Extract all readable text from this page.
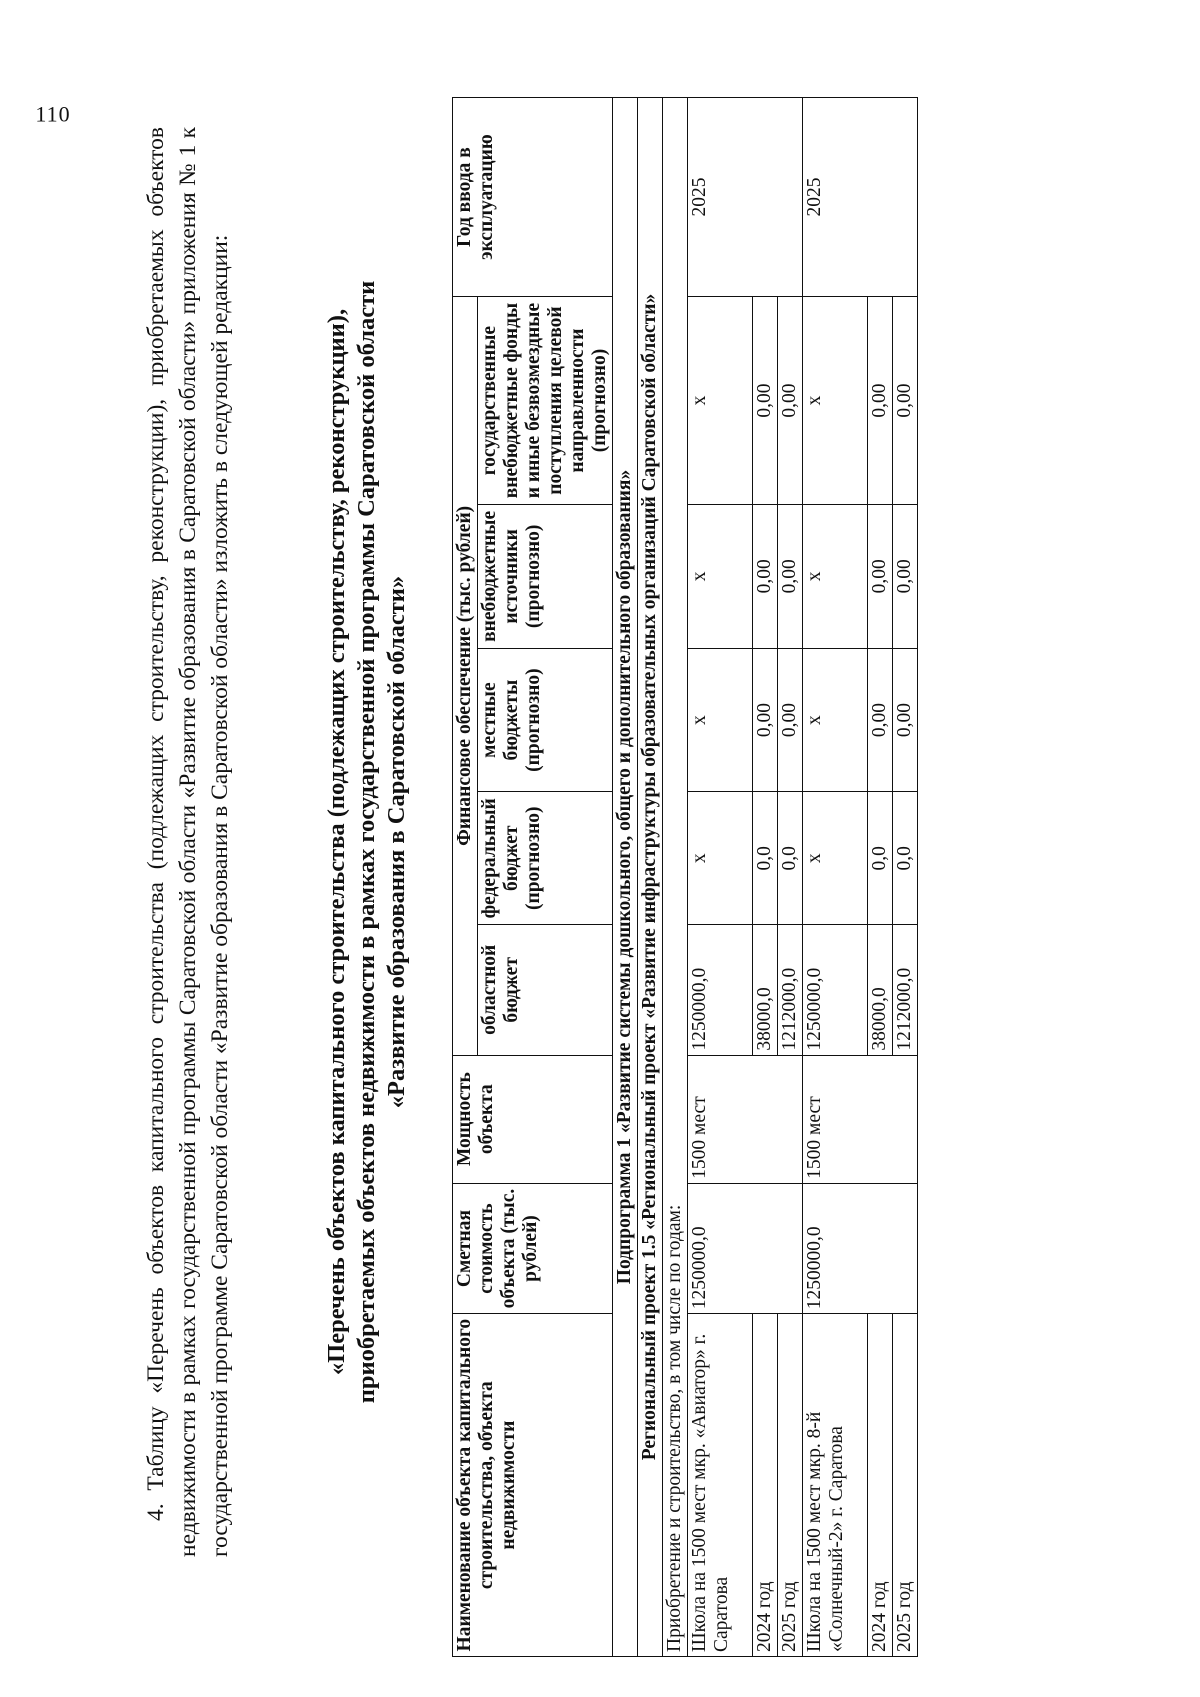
110

4. Таблицу «Перечень объектов капитального строительства (подлежащих строительству, реконструкции), приобретаемых объектов недвижимости в рамках государственной программы Саратовской области «Развитие образования в Саратовской области» приложения № 1 к государственной программе Саратовской области «Развитие образования в Саратовской области» изложить в следующей редакции:	«Перечень объектов капитального строительства (подлежащих строительству, реконструкции), приобретаемых объектов недвижимости в рамках государственной программы Саратовской области «Развитие образования в Саратовской области»
Наименование объекта капитального строительства, объекта недвижимости	Сметная стоимость объекта (тыс. рублей)	Мощность объекта	Финансовое обеспечение (тыс. рублей)					Год ввода в эксплуатацию
			областной бюджет	федеральный бюджет (прогнозно)	местные бюджеты (прогнозно)	внебюджетные источники (прогнозно)	государственные внебюджетные фонды и иные безвозмездные поступления целевой направленности (прогнозно)	
Подпрограмма 1 «Развитие системы дошкольного, общего и дополнительного образования»								
Региональный проект 1.5 «Региональный проект «Развитие инфраструктуры образовательных организаций Саратовской области»								
Приобретение и строительство, в том числе по годам:								
Школа на 1500 мест мкр. «Авиатор» г. Саратова	1250000,0	1500 мест	1250000,0	х	х	х	х	2025
2024 год			38000,0	0,0	0,00	0,00	0,00	
2025 год			1212000,0	0,0	0,00	0,00	0,00	
Школа на 1500 мест мкр. 8-й «Солнечный-2» г. Саратова	1250000,0	1500 мест	1250000,0	х	х	х	х	2025
2024 год			38000,0	0,0	0,00	0,00	0,00	
2025 год			1212000,0	0,0	0,00	0,00	0,00	
